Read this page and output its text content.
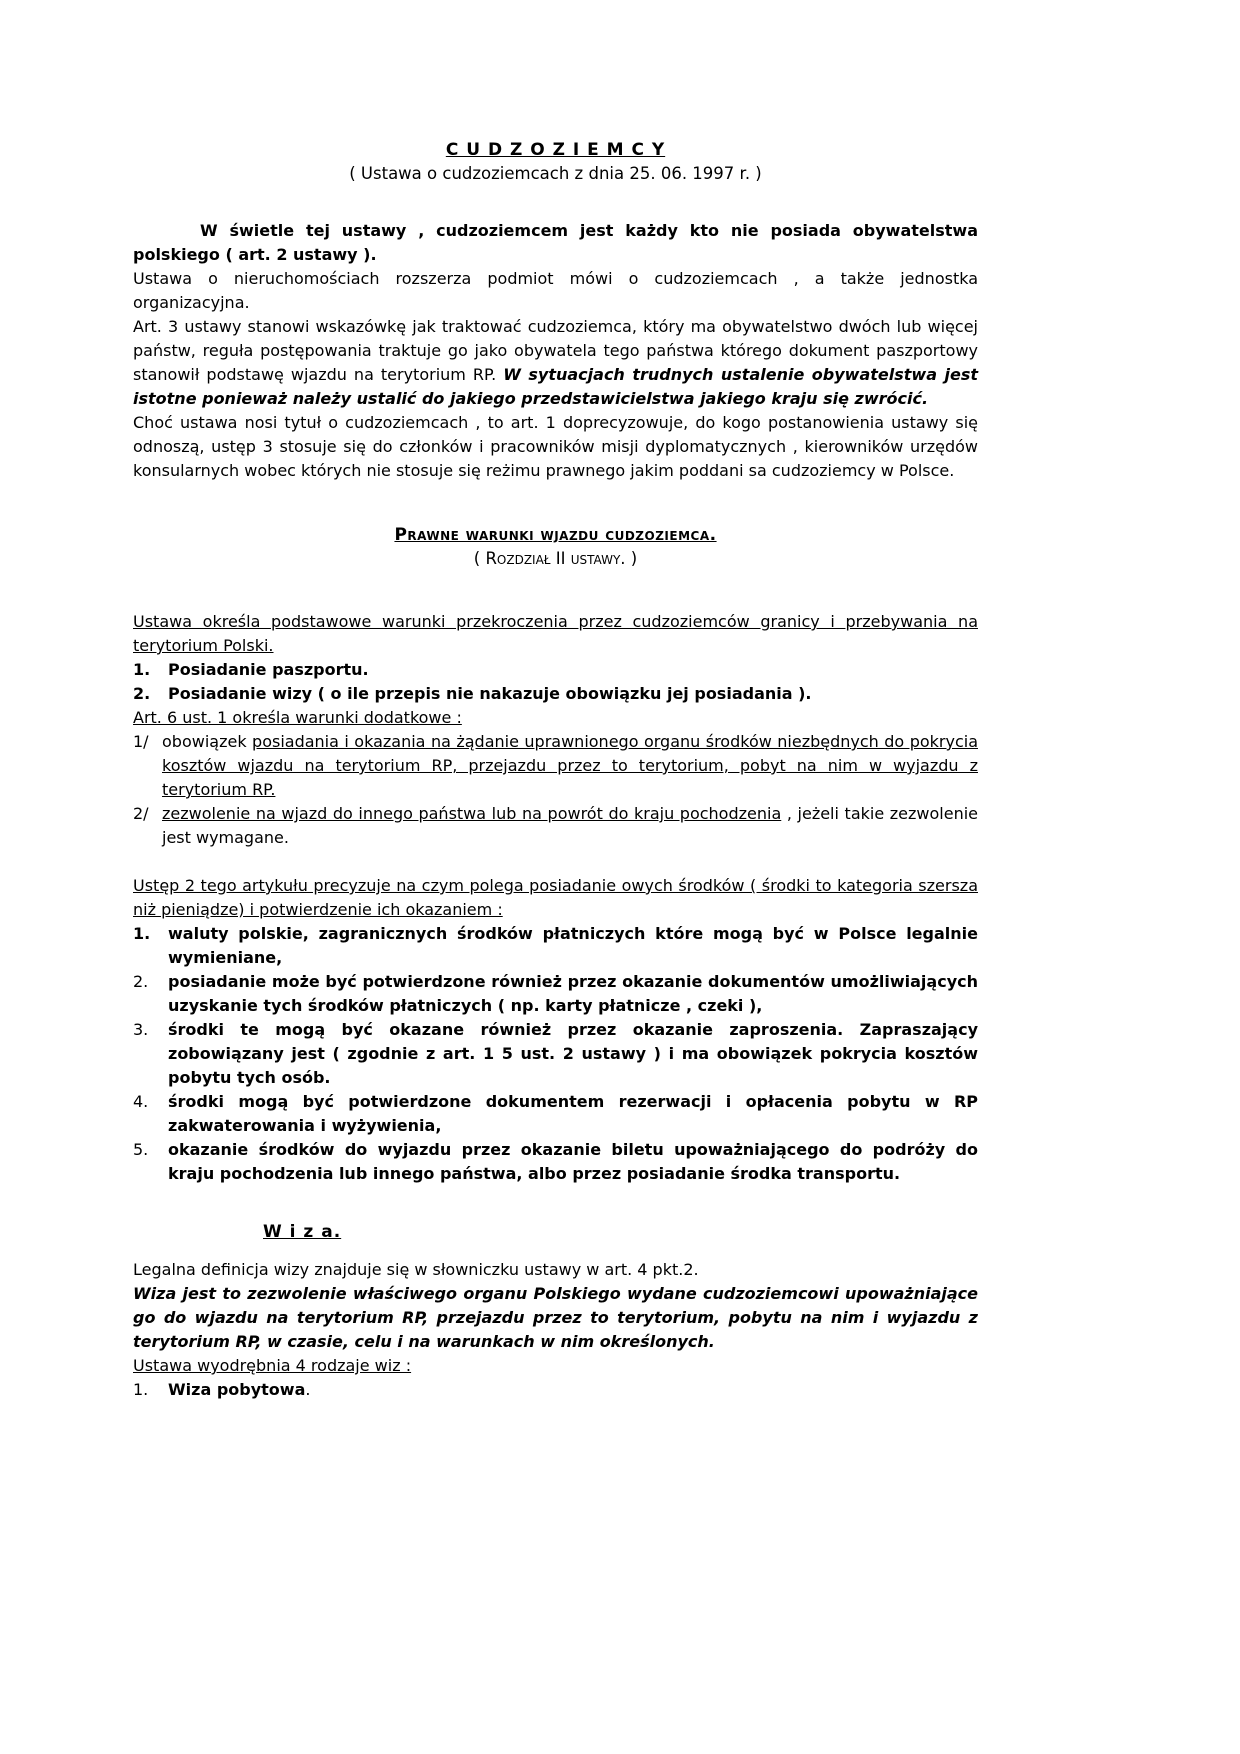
C U D Z O Z I E M C Y
( Ustawa o cudzoziemcach z dnia 25. 06. 1997 r. )

W świetle tej ustawy , cudzoziemcem jest każdy kto nie posiada obywatelstwa polskiego ( art. 2 ustawy ).

Ustawa o nieruchomościach rozszerza podmiot mówi o cudzoziemcach , a także jednostka organizacyjna.

Art. 3 ustawy stanowi wskazówkę jak traktować cudzoziemca, który ma obywatelstwo dwóch lub więcej państw, reguła postępowania traktuje go jako obywatela tego państwa którego dokument paszportowy stanowił podstawę wjazdu na terytorium RP. W sytuacjach trudnych ustalenie obywatelstwa jest istotne ponieważ należy ustalić do jakiego przedstawicielstwa jakiego kraju się zwrócić.

Choć ustawa nosi tytuł o cudzoziemcach , to art. 1 doprecyzowuje, do kogo postanowienia ustawy się odnoszą, ustęp 3 stosuje się do członków i pracowników misji dyplomatycznych , kierowników urzędów konsularnych wobec których nie stosuje się reżimu prawnego jakim poddani sa cudzoziemcy w Polsce.

Prawne warunki wjazdu cudzoziemca.
( Rozdział II ustawy. )

Ustawa określa podstawowe warunki przekroczenia przez cudzoziemców granicy i przebywania na terytorium Polski.

1. Posiadanie paszportu.
2. Posiadanie wizy ( o ile przepis nie nakazuje obowiązku jej posiadania ).

Art. 6 ust. 1 określa warunki dodatkowe :

1/ obowiązek posiadania i okazania na żądanie uprawnionego organu środków niezbędnych do pokrycia kosztów wjazdu na terytorium RP, przejazdu przez to terytorium, pobyt na nim w wyjazdu z terytorium RP.
2/ zezwolenie na wjazd do innego państwa lub na powrót do kraju pochodzenia , jeżeli takie zezwolenie jest wymagane.

Ustęp 2 tego artykułu precyzuje na czym polega posiadanie owych środków ( środki to kategoria szersza niż pieniądze) i potwierdzenie ich okazaniem :

1. waluty polskie, zagranicznych środków płatniczych które mogą być w Polsce legalnie wymieniane,
2. posiadanie może być potwierdzone również przez okazanie dokumentów umożliwiających uzyskanie tych środków płatniczych ( np. karty płatnicze , czeki ),
3. środki te mogą być okazane również przez okazanie zaproszenia. Zapraszający zobowiązany jest ( zgodnie z art. 1 5 ust. 2 ustawy ) i ma obowiązek pokrycia kosztów pobytu tych osób.
4. środki mogą być potwierdzone dokumentem rezerwacji i opłacenia pobytu w RP zakwaterowania i wyżywienia,
5. okazanie środków do wyjazdu przez okazanie biletu upoważniającego do podróży do kraju pochodzenia lub innego państwa, albo przez posiadanie środka transportu.
W i z a.

Legalna definicja wizy znajduje się w słowniczku ustawy w art. 4 pkt.2.

Wiza jest to zezwolenie właściwego organu Polskiego wydane cudzoziemcowi upoważniające go do wjazdu na terytorium RP, przejazdu przez to terytorium, pobytu na nim i wyjazdu z terytorium RP, w czasie, celu i na warunkach w nim określonych.

Ustawa wyodrębnia 4 rodzaje wiz :

1. Wiza pobytowa.
